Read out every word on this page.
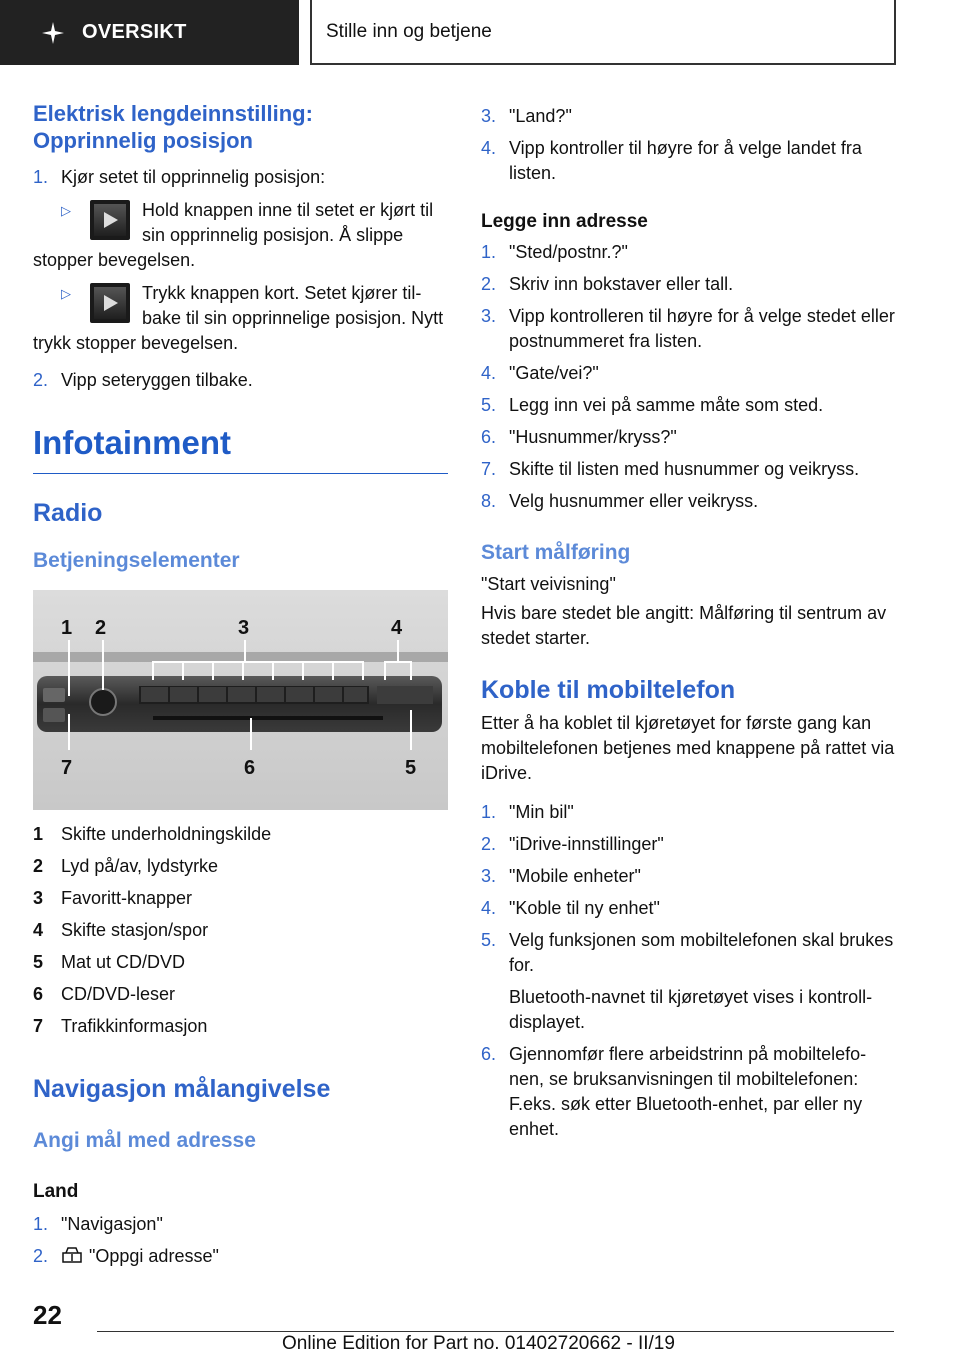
OVERSIKT	Stille inn og betjene
Elektrisk lengdeinnstilling:
Opprinnelig posisjon
1. Kjør setet til opprinnelig posisjon:
▷	Hold knappen inne til setet er kjørt til sin opprinnelig posisjon. Å slippe stopper bevegelsen.
▷	Trykk knappen kort. Setet kjører til-bake til sin opprinnelige posisjon. Nytt trykk stopper bevegelsen.
2. Vipp seteryggen tilbake.
Infotainment
Radio
Betjeningselementer
1 2	3	4
5
6
7
1 Skifte underholdningskilde
2 Lyd på/av, lydstyrke
3 Favoritt-knapper
4 Skifte stasjon/spor
5 Mat ut CD/DVD
6 CD/DVD-leser
7 Trafikkinformasjon
Navigasjon målangivelse
Angi mål med adresse
Land
1. "Navigasjon"
2.	"Oppgi adresse"
3. "Land?"
4. Vipp kontroller til høyre for å velge landet fra listen.
Legge inn adresse
1. "Sted/postnr.?"
2. Skriv inn bokstaver eller tall.
3. Vipp kontrolleren til høyre for å velge stedet eller postnummeret fra listen.
4. "Gate/vei?"
5. Legg inn vei på samme måte som sted.
6. "Husnummer/kryss?"
7. Skifte til listen med husnummer og veikryss.
8. Velg husnummer eller veikryss.
Start målføring
"Start veivisning"
Hvis bare stedet ble angitt: Målføring til sentrum av stedet starter.
Koble til mobiltelefon
Etter å ha koblet til kjøretøyet for første gang kan mobiltelefonen betjenes med knappene på rattet via iDrive.
1. "Min bil"
2. "iDrive-innstillinger"
3. "Mobile enheter"
4. "Koble til ny enhet"
5. Velg funksjonen som mobiltelefonen skal brukes for.
Bluetooth-navnet til kjøretøyet vises i kontroll-displayet.
6. Gjennomfør flere arbeidstrinn på mobiltelefo-nen, se bruksanvisningen til mobiltelefonen: F.eks. søk etter Bluetooth-enhet, par eller ny enhet.
22
Online Edition for Part no. 01402720662 - II/19
